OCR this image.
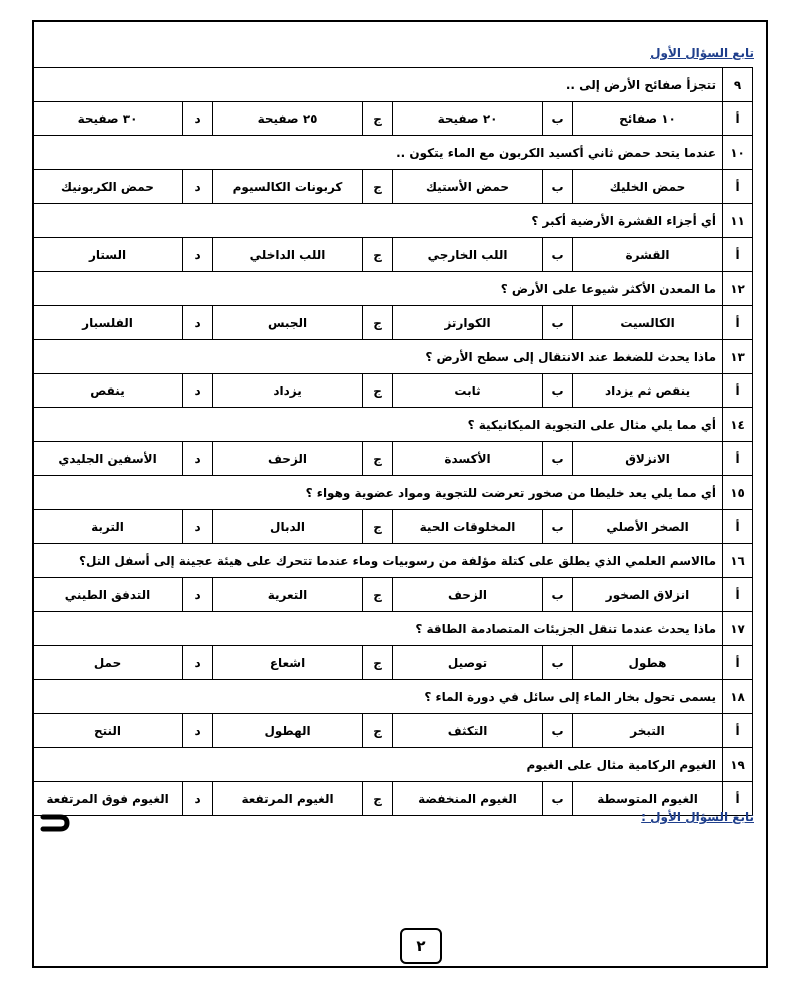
تابع السؤال الأول
٩	تتجزأ صفائح الأرض إلى ..						
أ	١٠ صفائح	ب	٢٠ صفيحة	ج	٢٥ صفيحة	د	٣٠ صفيحة
١٠	عندما يتحد حمض ثاني أكسيد الكربون مع الماء يتكون ..						
أ	حمض الخليك	ب	حمض الأستيك	ج	كربونات الكالسيوم	د	حمض الكربونيك
١١	أي أجزاء القشرة الأرضية أكبر ؟						
أ	القشرة	ب	اللب الخارجي	ج	اللب الداخلي	د	الستار
١٢	ما المعدن الأكثر شيوعا على الأرض ؟						
أ	الكالسيت	ب	الكوارتز	ج	الجبس	د	الفلسبار
١٣	ماذا يحدث للضغط عند الانتقال إلى سطح الأرض ؟						
أ	ينقص ثم يزداد	ب	ثابت	ج	يزداد	د	ينقص
١٤	أي مما يلي مثال على التجوية الميكانيكية ؟						
أ	الانزلاق	ب	الأكسدة	ج	الزحف	د	الأسفين الجليدي
١٥	أي مما يلي يعد خليطا من صخور تعرضت للتجوية ومواد عضوية وهواء ؟						
أ	الصخر الأصلي	ب	المخلوقات الحية	ج	الدبال	د	التربة
١٦	ماالاسم العلمي الذي يطلق على كتلة مؤلفة من رسوبيات وماء عندما تتحرك على هيئة عجينة إلى أسفل التل؟						
أ	انزلاق الصخور	ب	الزحف	ج	التعرية	د	التدفق الطيني
١٧	ماذا يحدث عندما تنقل الجزيئات المتصادمة الطاقة ؟						
أ	هطول	ب	توصيل	ج	اشعاع	د	حمل
١٨	يسمى تحول بخار الماء إلى سائل في دورة الماء ؟						
أ	التبخر	ب	التكثف	ج	الهطول	د	النتح
١٩	الغيوم الركامية مثال على الغيوم						
أ	الغيوم المتوسطة	ب	الغيوم المنخفضة	ج	الغيوم المرتفعة	د	الغيوم فوق المرتفعة
تابع السؤال الأول :
٢
